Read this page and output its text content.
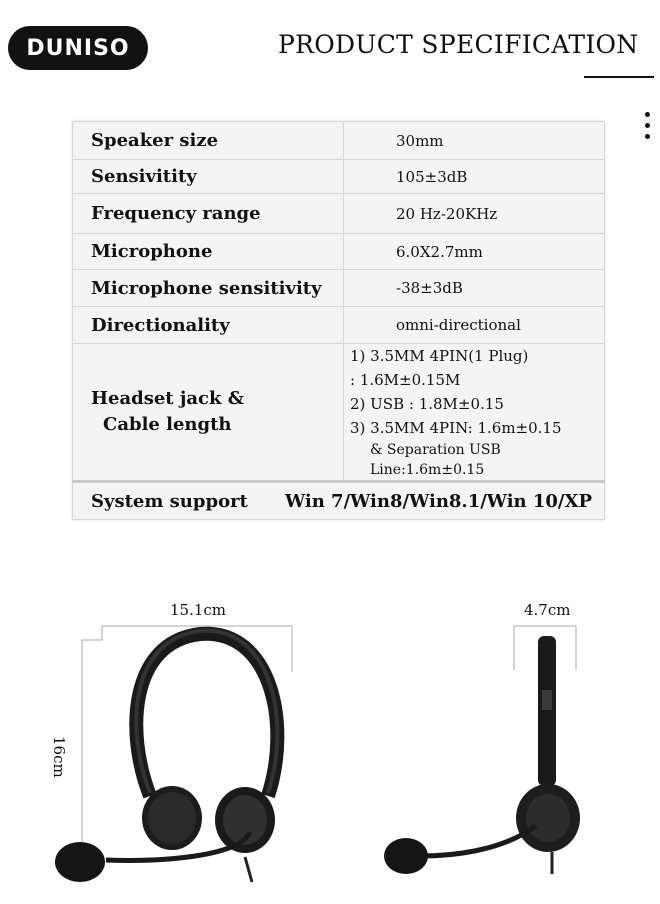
DUNISO	PRODUCT SPECIFICATION
Speaker size	30mm
Sensivitity	105±3dB
Frequency range	20 Hz-20KHz
Microphone	6.0X2.7mm
Microphone sensitivity	-38±3dB
Directionality	omni-directional
Headset jack &
Cable length	1) 3.5MM 4PIN(1 Plug)
: 1.6M±0.15M
2) USB : 1.8M±0.15
3) 3.5MM 4PIN: 1.6m±0.15
& Separation USB Line:1.6m±0.15

System support Win 7/Win8/Win8.1/Win 10/XP	
15.1cm
16cm
4.7cm
